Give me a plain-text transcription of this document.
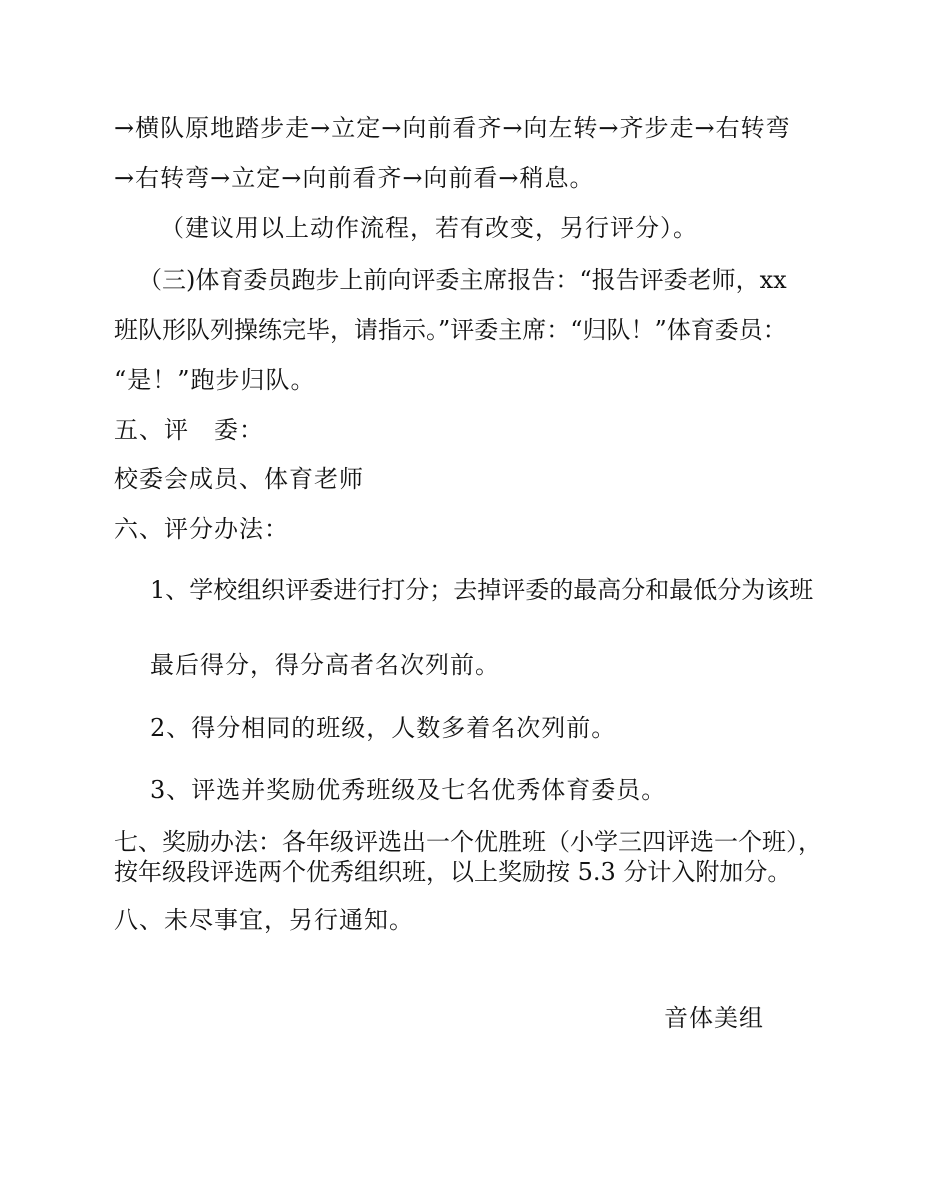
→横队原地踏步走→立定→向前看齐→向左转→齐步走→右转弯
→右转弯→立定→向前看齐→向前看→稍息。
（建议用以上动作流程，若有改变，另行评分）。
（三)体育委员跑步上前向评委主席报告：“报告评委老师，xx
班队形队列操练完毕，请指示。”评委主席：“归队！”体育委员：
“是！”跑步归队。
五、评　委：
校委会成员、体育老师
六、评分办法：
1、学校组织评委进行打分；去掉评委的最高分和最低分为该班
最后得分，得分高者名次列前。
2、得分相同的班级，人数多着名次列前。
3、评选并奖励优秀班级及七名优秀体育委员。
七、奖励办法：各年级评选出一个优胜班（小学三四评选一个班），
按年级段评选两个优秀组织班，以上奖励按 5.3 分计入附加分。
八、未尽事宜，另行通知。
音体美组
